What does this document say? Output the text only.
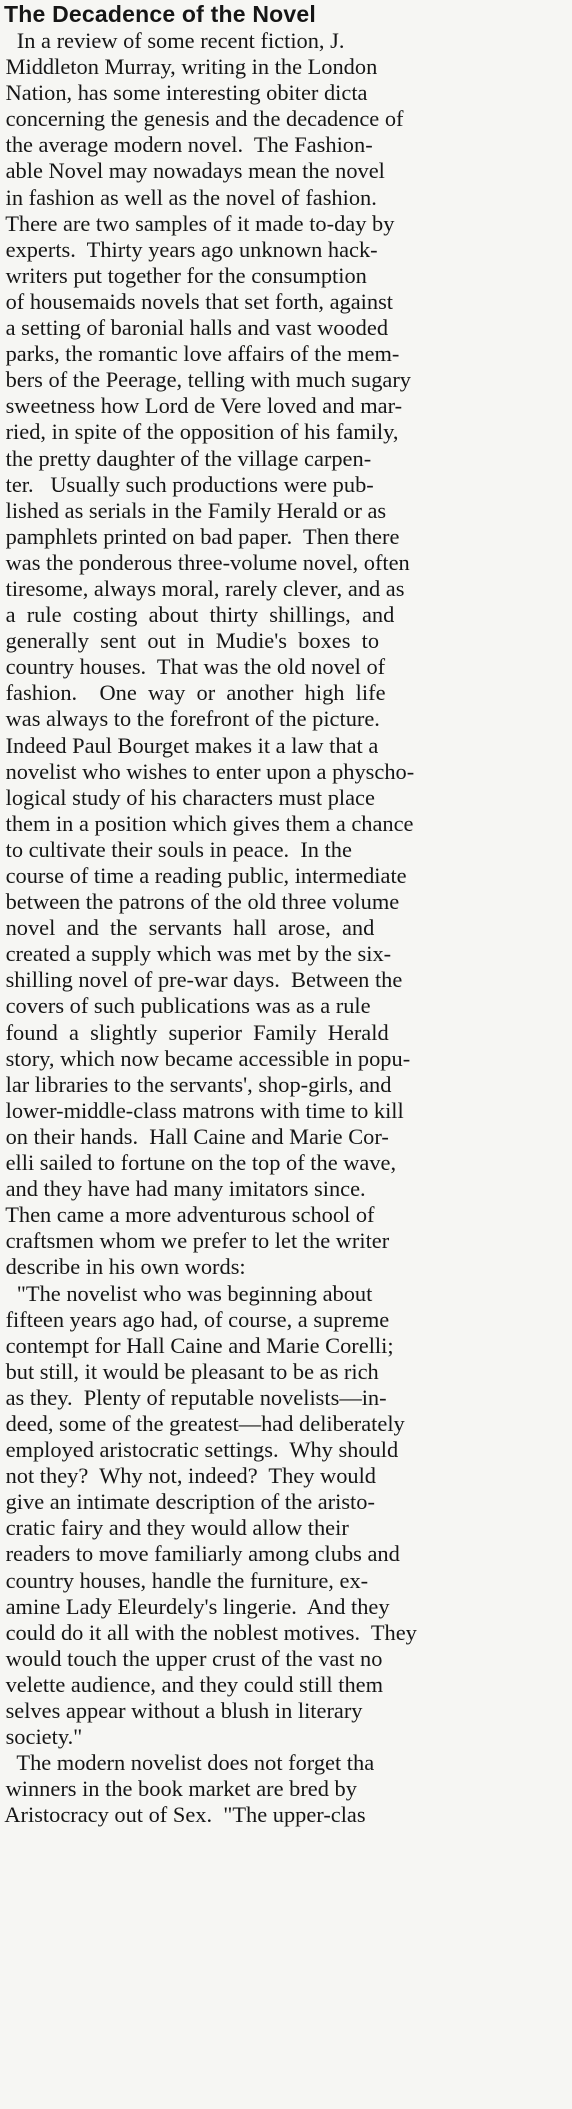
The Decadence of the Novel
In a review of some recent fiction, J.
Middleton Murray, writing in the London
Nation, has some interesting obiter dicta
concerning the genesis and the decadence of
the average modern novel.  The Fashion-
able Novel may nowadays mean the novel
in fashion as well as the novel of fashion.
There are two samples of it made to-day by
experts.  Thirty years ago unknown hack-
writers put together for the consumption
of housemaids novels that set forth, against
a setting of baronial halls and vast wooded
parks, the romantic love affairs of the mem-
bers of the Peerage, telling with much sugary
sweetness how Lord de Vere loved and mar-
ried, in spite of the opposition of his family,
the pretty daughter of the village carpen-
ter.   Usually such productions were pub-
lished as serials in the Family Herald or as
pamphlets printed on bad paper.  Then there
was the ponderous three-volume novel, often
tiresome, always moral, rarely clever, and as
a  rule  costing  about  thirty  shillings,  and
generally  sent  out  in  Mudie's  boxes  to
country houses.  That was the old novel of
fashion.    One  way  or  another  high  life
was always to the forefront of the picture.
Indeed Paul Bourget makes it a law that a
novelist who wishes to enter upon a physcho-
logical study of his characters must place
them in a position which gives them a chance
to cultivate their souls in peace.  In the
course of time a reading public, intermediate
between the patrons of the old three volume
novel  and  the  servants  hall  arose,  and
created a supply which was met by the six-
shilling novel of pre-war days.  Between the
covers of such publications was as a rule
found  a  slightly  superior  Family  Herald
story, which now became accessible in popu-
lar libraries to the servants', shop-girls, and
lower-middle-class matrons with time to kill
on their hands.  Hall Caine and Marie Cor-
elli sailed to fortune on the top of the wave,
and they have had many imitators since.
Then came a more adventurous school of
craftsmen whom we prefer to let the writer
describe in his own words:
"The novelist who was beginning about
fifteen years ago had, of course, a supreme
contempt for Hall Caine and Marie Corelli;
but still, it would be pleasant to be as rich
as they.  Plenty of reputable novelists—in-
deed, some of the greatest—had deliberately
employed aristocratic settings.  Why should
not they?  Why not, indeed?  They would
give an intimate description of the aristo-
cratic fairy and they would allow their
readers to move familiarly among clubs and
country houses, handle the furniture, ex-
amine Lady Eleurdely's lingerie.  And they
could do it all with the noblest motives.  They
would touch the upper crust of the vast no
velette audience, and they could still them
selves appear without a blush in literary
society."
The modern novelist does not forget tha
winners in the book market are bred by
Aristocracy out of Sex.  "The upper-clas
